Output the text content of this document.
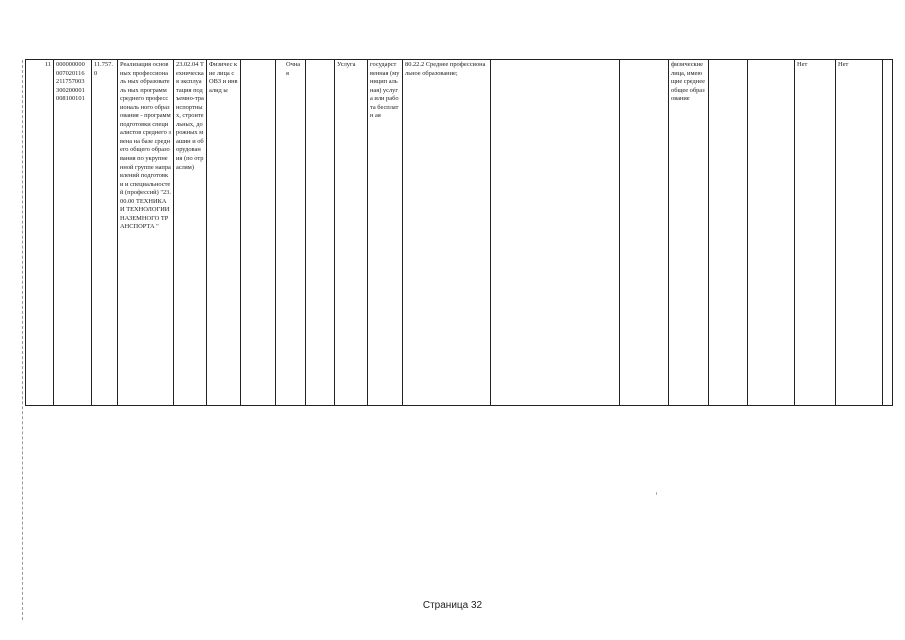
11	000000000 007020116 211757003 300200001 008100101	11.757. 0	Реализация основных профессиональ ных образователь ных программ среднего профессиональ ного образования - программ подготовки специалистов среднего звена на базе среднего общего образования по укрупненной группе направлений подготовки и специальносте й (профессий) "23.00.00 ТЕХНИКА И ТЕХНОЛОГИИ НАЗЕМНОГО ТРАНСПОРТА "	23.02.04 Техническая эксплуатация подъемно-транспортных, строительных, дорожных машин и оборудования (по отраслям)	Физичес кие лица с ОВЗ и инвалид ы		Очная		Услуга	государст венная (муницип альная) услуга или работа бесплатн ая	80.22.2 Среднее профессиональное образование;			физические лица, имеющие среднее общее образование			Нет	Нет	
Страница 32
